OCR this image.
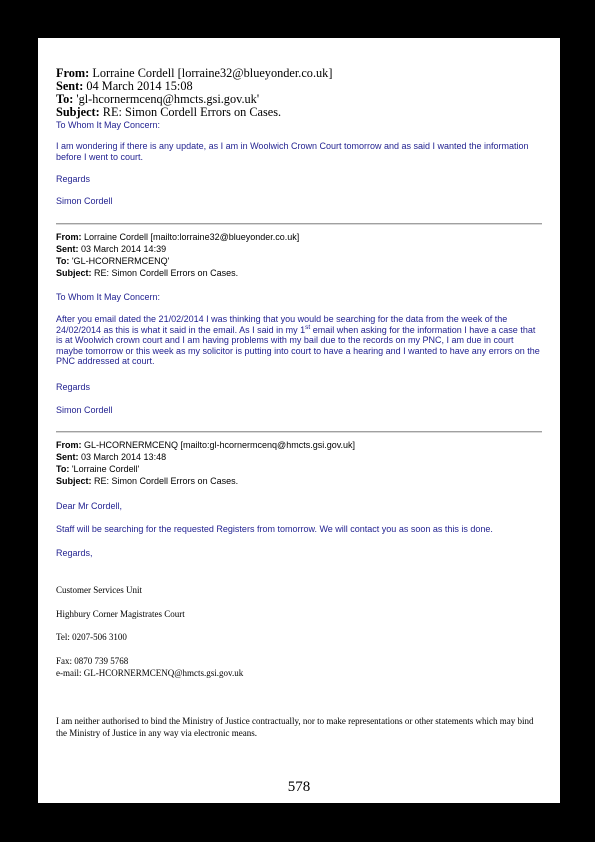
From: Lorraine Cordell [lorraine32@blueyonder.co.uk]
Sent: 04 March 2014 15:08
To: 'gl-hcornermcenq@hmcts.gsi.gov.uk'
Subject: RE: Simon Cordell Errors on Cases.
To Whom It May Concern:
I am wondering if there is any update, as I am in Woolwich Crown Court tomorrow and as said I wanted the information before I went to court.
Regards
Simon Cordell
From: Lorraine Cordell [mailto:lorraine32@blueyonder.co.uk]
Sent: 03 March 2014 14:39
To: 'GL-HCORNERMCENQ'
Subject: RE: Simon Cordell Errors on Cases.
To Whom It May Concern:
After you email dated the 21/02/2014 I was thinking that you would be searching for the data from the week of the 24/02/2014 as this is what it said in the email. As I said in my 1st email when asking for the information I have a case that is at Woolwich crown court and I am having problems with my bail due to the records on my PNC, I am due in court maybe tomorrow or this week as my solicitor is putting into court to have a hearing and I wanted to have any errors on the PNC addressed at court.
Regards
Simon Cordell
From: GL-HCORNERMCENQ [mailto:gl-hcornermcenq@hmcts.gsi.gov.uk]
Sent: 03 March 2014 13:48
To: 'Lorraine Cordell'
Subject: RE: Simon Cordell Errors on Cases.
Dear Mr Cordell,
Staff will be searching for the requested Registers from tomorrow. We will contact you as soon as this is done.
Regards,
Customer Services Unit
Highbury Corner Magistrates Court
Tel: 0207-506 3100
Fax: 0870 739 5768
e-mail: GL-HCORNERMCENQ@hmcts.gsi.gov.uk
I am neither authorised to bind the Ministry of Justice contractually, nor to make representations or other statements which may bind the Ministry of Justice in any way via electronic means.
578
